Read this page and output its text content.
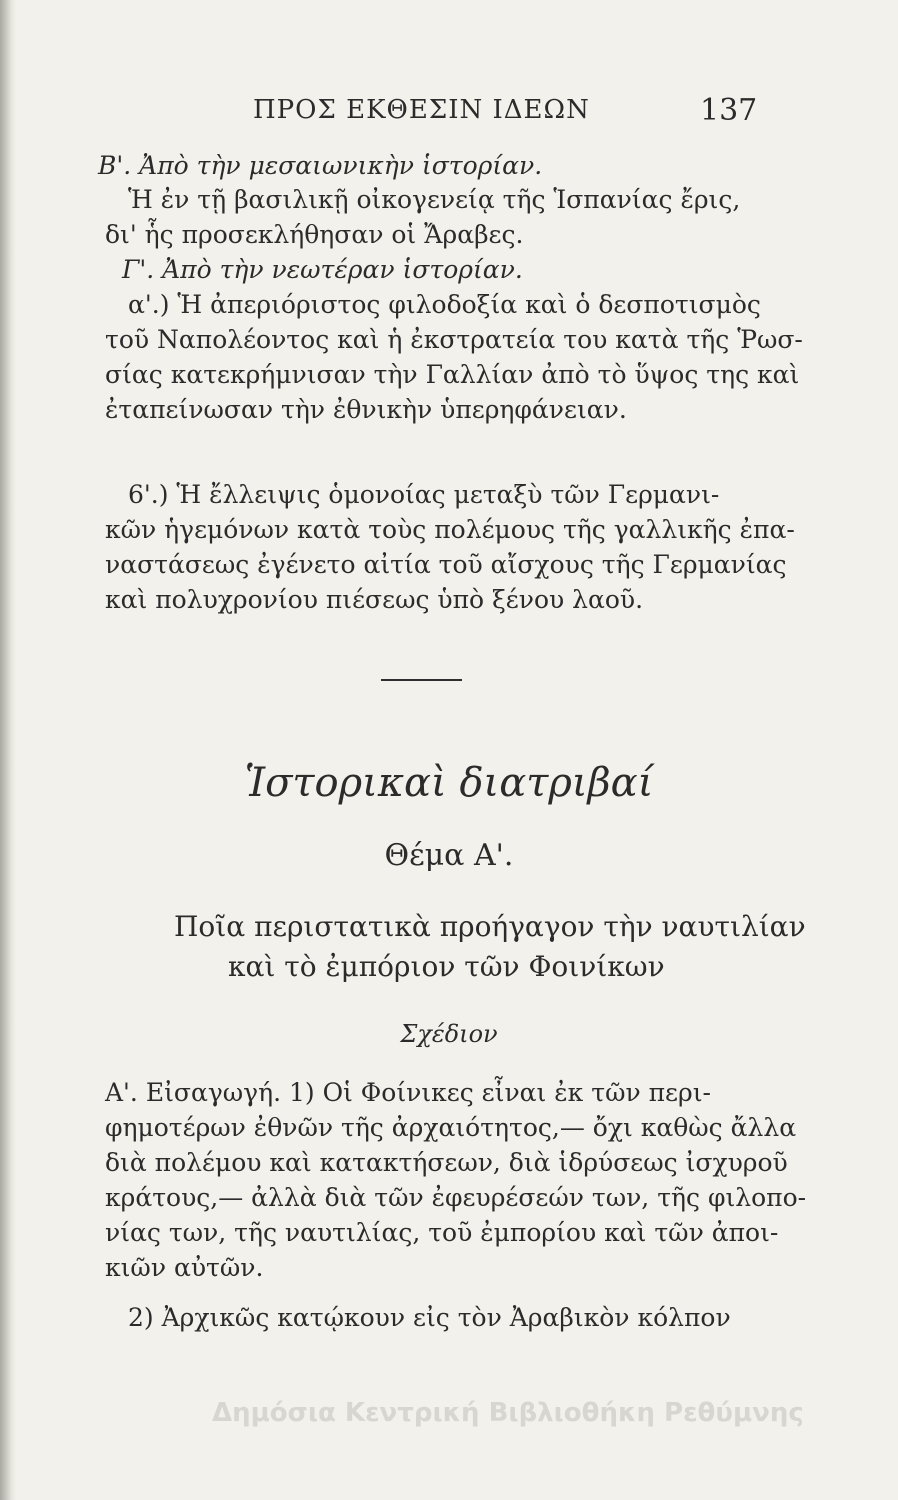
ΠΡΟΣ ΕΚΘΕΣΙΝ ΙΔΕΩΝ	137
Β'. Ἀπὸ τὴν μεσαιωνικὴν ἱστορίαν.
Ἡ ἐν τῇ βασιλικῇ οἰκογενείᾳ τῆς Ἱσπανίας ἔρις,
δι' ἧς προσεκλήθησαν οἱ Ἄραβες.
Γ'. Ἀπὸ τὴν νεωτέραν ἱστορίαν.
α'.) Ἡ ἀπεριόριστος φιλοδοξία καὶ ὁ δεσποτισμὸς
τοῦ Ναπολέοντος καὶ ἡ ἐκστρατεία του κατὰ τῆς Ῥωσ-
σίας κατεκρήμνισαν τὴν Γαλλίαν ἀπὸ τὸ ὕψος της καὶ
ἐταπείνωσαν τὴν ἐθνικὴν ὑπερηφάνειαν.
6'.) Ἡ ἔλλειψις ὁμονοίας μεταξὺ τῶν Γερμανι-
κῶν ἡγεμόνων κατὰ τοὺς πολέμους τῆς γαλλικῆς ἐπα-
ναστάσεως ἐγένετο αἰτία τοῦ αἴσχους τῆς Γερμανίας
καὶ πολυχρονίου πιέσεως ὑπὸ ξένου λαοῦ.
Ἱστορικαὶ διατριβαί
Θέμα Α'.
Ποῖα περιστατικὰ προήγαγον τὴν ναυτιλίαν
καὶ τὸ ἐμπόριον τῶν Φοινίκων
Σχέδιον
Α'. Εἰσαγωγή. 1) Οἱ Φοίνικες εἶναι ἐκ τῶν περι-
φημοτέρων ἐθνῶν τῆς ἀρχαιότητος,— ὄχι καθὼς ἄλλα
διὰ πολέμου καὶ κατακτήσεων, διὰ ἱδρύσεως ἰσχυροῦ
κράτους,— ἀλλὰ διὰ τῶν ἐφευρέσεών των, τῆς φιλοπο-
νίας των, τῆς ναυτιλίας, τοῦ ἐμπορίου καὶ τῶν ἀποι-
κιῶν αὐτῶν.
2) Ἀρχικῶς κατῴκουν εἰς τὸν Ἀραβικὸν κόλπον
Δημόσια Κεντρική Βιβλιοθήκη Ρεθύμνης
